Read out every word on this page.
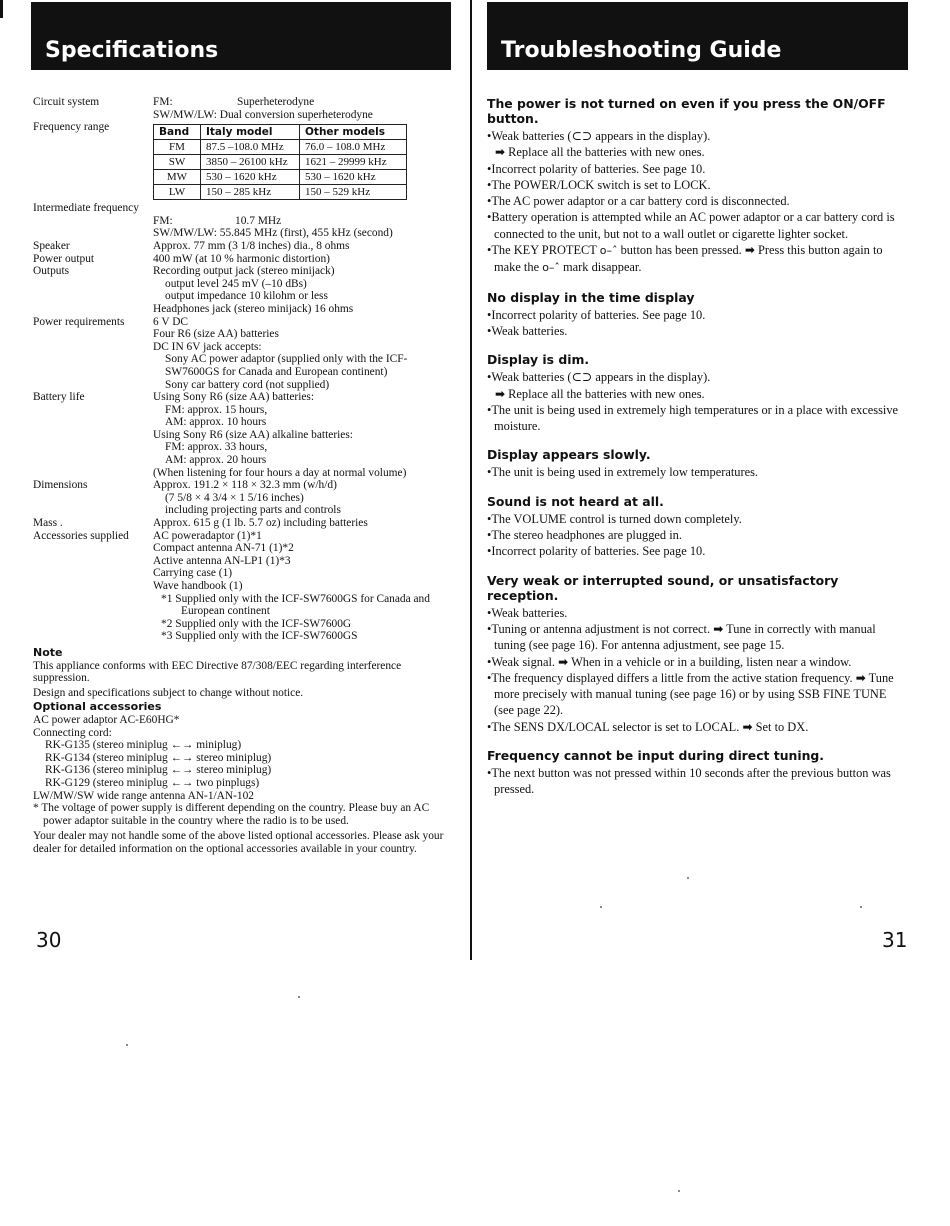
Specifications
Circuit system	FM:	Superheterodyne
SW/MW/LW: Dual conversion superheterodyne
Frequency range	Band	Italy model	Other models
FM	87.5 –108.0 MHz	76.0 – 108.0 MHz
SW	3850 – 26100 kHz	1621 – 29999 kHz
MW	530 – 1620 kHz	530 – 1620 kHz
LW	150 – 285 kHz	150 – 529 kHz
Intermediate frequency
FM:	10.7 MHz
SW/MW/LW: 55.845 MHz (first), 455 kHz (second)
Speaker	Approx. 77 mm (3 1/8 inches) dia., 8 ohms
Power output	400 mW (at 10 % harmonic distortion)
Outputs	Recording output jack (stereo minijack)
output level 245 mV (–10 dBs)
output impedance 10 kilohm or less
Headphones jack (stereo minijack) 16 ohms
Power requirements	6 V DC
Four R6 (size AA) batteries
DC IN 6V jack accepts:
Sony AC power adaptor (supplied only with the ICF-SW7600GS for Canada and European continent)
Sony car battery cord (not supplied)
Battery life	Using Sony R6 (size AA) batteries:
FM: approx. 15 hours,
AM: approx. 10 hours
Using Sony R6 (size AA) alkaline batteries:
FM: approx. 33 hours,
AM: approx. 20 hours
(When listening for four hours a day at normal volume)
Dimensions	Approx. 191.2 × 118 × 32.3 mm (w/h/d)
(7 5/8 × 4 3/4 × 1 5/16 inches)
including projecting parts and controls
Mass .	Approx. 615 g (1 lb. 5.7 oz) including batteries
Accessories supplied	AC poweradaptor (1)*1
Compact antenna AN-71 (1)*2
Active antenna AN-LP1 (1)*3
Carrying case (1)
Wave handbook (1)
*1 Supplied only with the ICF-SW7600GS for Canada and European continent
*2 Supplied only with the ICF-SW7600G
*3 Supplied only with the ICF-SW7600GS
Note
This appliance conforms with EEC Directive 87/308/EEC regarding interference suppression.
Design and specifications subject to change without notice.
Optional accessories
AC power adaptor AC-E60HG*
Connecting cord:
RK-G135 (stereo miniplug ←→ miniplug)
RK-G134 (stereo miniplug ←→ stereo miniplug)
RK-G136 (stereo miniplug ←→ stereo miniplug)
RK-G129 (stereo miniplug ←→ two pinplugs)
LW/MW/SW wide range antenna AN-1/AN-102
* The voltage of power supply is different depending on the country. Please buy an AC power adaptor suitable in the country where the radio is to be used.
Your dealer may not handle some of the above listed optional accessories. Please ask your dealer for detailed information on the optional accessories available in your country.
30
Troubleshooting Guide
The power is not turned on even if you press the ON/OFF button.
•Weak batteries (⊂⊃ appears in the display).
➡ Replace all the batteries with new ones.
•Incorrect polarity of batteries. See page 10.
•The POWER/LOCK switch is set to LOCK.
•The AC power adaptor or a car battery cord is disconnected.
•Battery operation is attempted while an AC power adaptor or a car battery cord is connected to the unit, but not to a wall outlet or cigarette lighter socket.
•The KEY PROTECT o–ˆ button has been pressed. ➡ Press this button again to make the o–ˆ mark disappear.
No display in the time display
•Incorrect polarity of batteries. See page 10.
•Weak batteries.
Display is dim.
•Weak batteries (⊂⊃ appears in the display).
➡ Replace all the batteries with new ones.
•The unit is being used in extremely high temperatures or in a place with excessive moisture.
Display appears slowly.
•The unit is being used in extremely low temperatures.
Sound is not heard at all.
•The VOLUME control is turned down completely.
•The stereo headphones are plugged in.
•Incorrect polarity of batteries. See page 10.
Very weak or interrupted sound, or unsatisfactory reception.
•Weak batteries.
•Tuning or antenna adjustment is not correct. ➡ Tune in correctly with manual tuning (see page 16). For antenna adjustment, see page 15.
•Weak signal. ➡ When in a vehicle or in a building, listen near a window.
•The frequency displayed differs a little from the active station frequency. ➡ Tune more precisely with manual tuning (see page 16) or by using SSB FINE TUNE (see page 22).
•The SENS DX/LOCAL selector is set to LOCAL. ➡ Set to DX.
Frequency cannot be input during direct tuning.
•The next button was not pressed within 10 seconds after the previous button was pressed.
31
